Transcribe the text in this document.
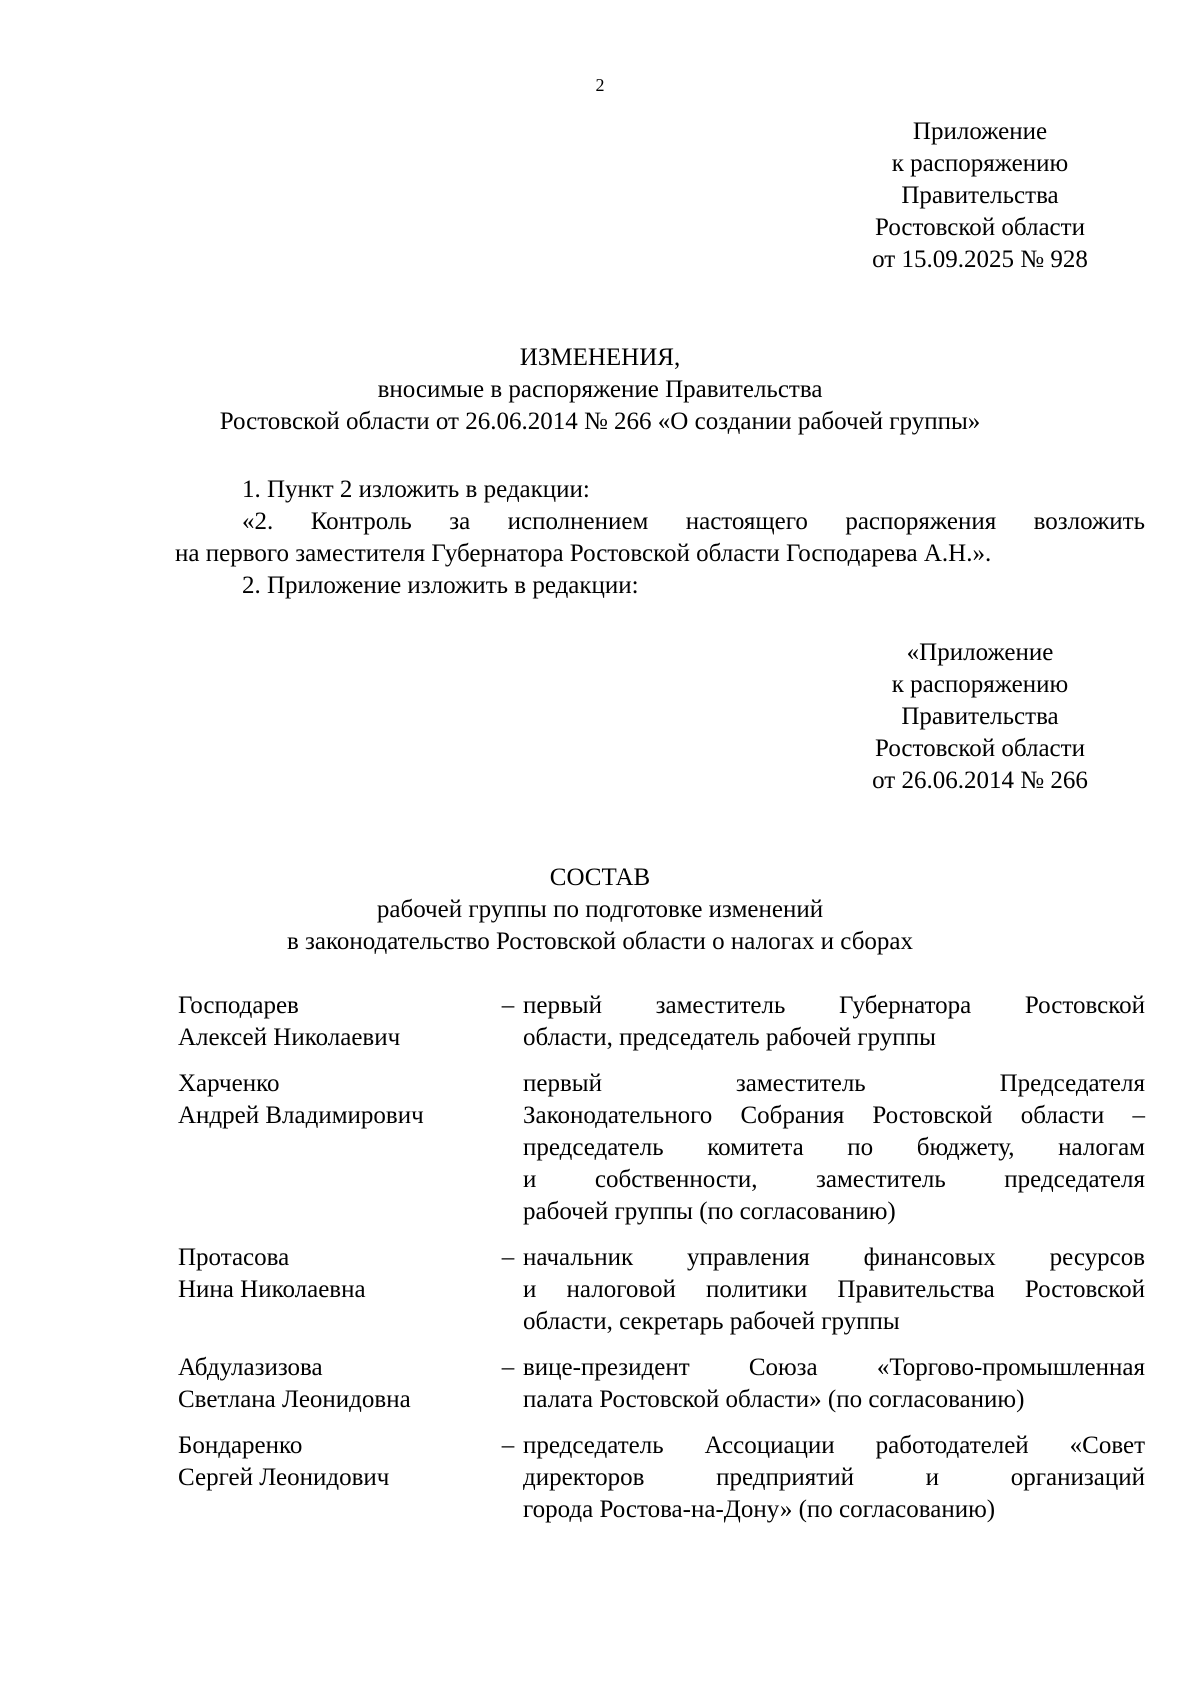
2
Приложение
к распоряжению
Правительства
Ростовской области
от 15.09.2025 № 928
ИЗМЕНЕНИЯ,
вносимые в распоряжение Правительства
Ростовской области от 26.06.2014 № 266 «О создании рабочей группы»
1. Пункт 2 изложить в редакции:
«2. Контроль за исполнением настоящего распоряжения возложить
на первого заместителя Губернатора Ростовской области Господарева А.Н.».
2. Приложение изложить в редакции:
«Приложение
к распоряжению
Правительства
Ростовской области
от 26.06.2014 № 266
СОСТАВ
рабочей группы по подготовке изменений
в законодательство Ростовской области о налогах и сборах
Господарев
Алексей Николаевич
– первый заместитель Губернатора Ростовской
области, председатель рабочей группы
Харченко
Андрей Владимирович
первый заместитель Председателя
Законодательного Собрания Ростовской области –
председатель комитета по бюджету, налогам
и собственности, заместитель председателя
рабочей группы (по согласованию)
Протасова
Нина Николаевна
– начальник управления финансовых ресурсов
и налоговой политики Правительства Ростовской
области, секретарь рабочей группы
Абдулазизова
Светлана Леонидовна
– вице-президент Союза «Торгово-промышленная
палата Ростовской области» (по согласованию)
Бондаренко
Сергей Леонидович
– председатель Ассоциации работодателей «Совет
директоров предприятий и организаций
города Ростова-на-Дону» (по согласованию)
